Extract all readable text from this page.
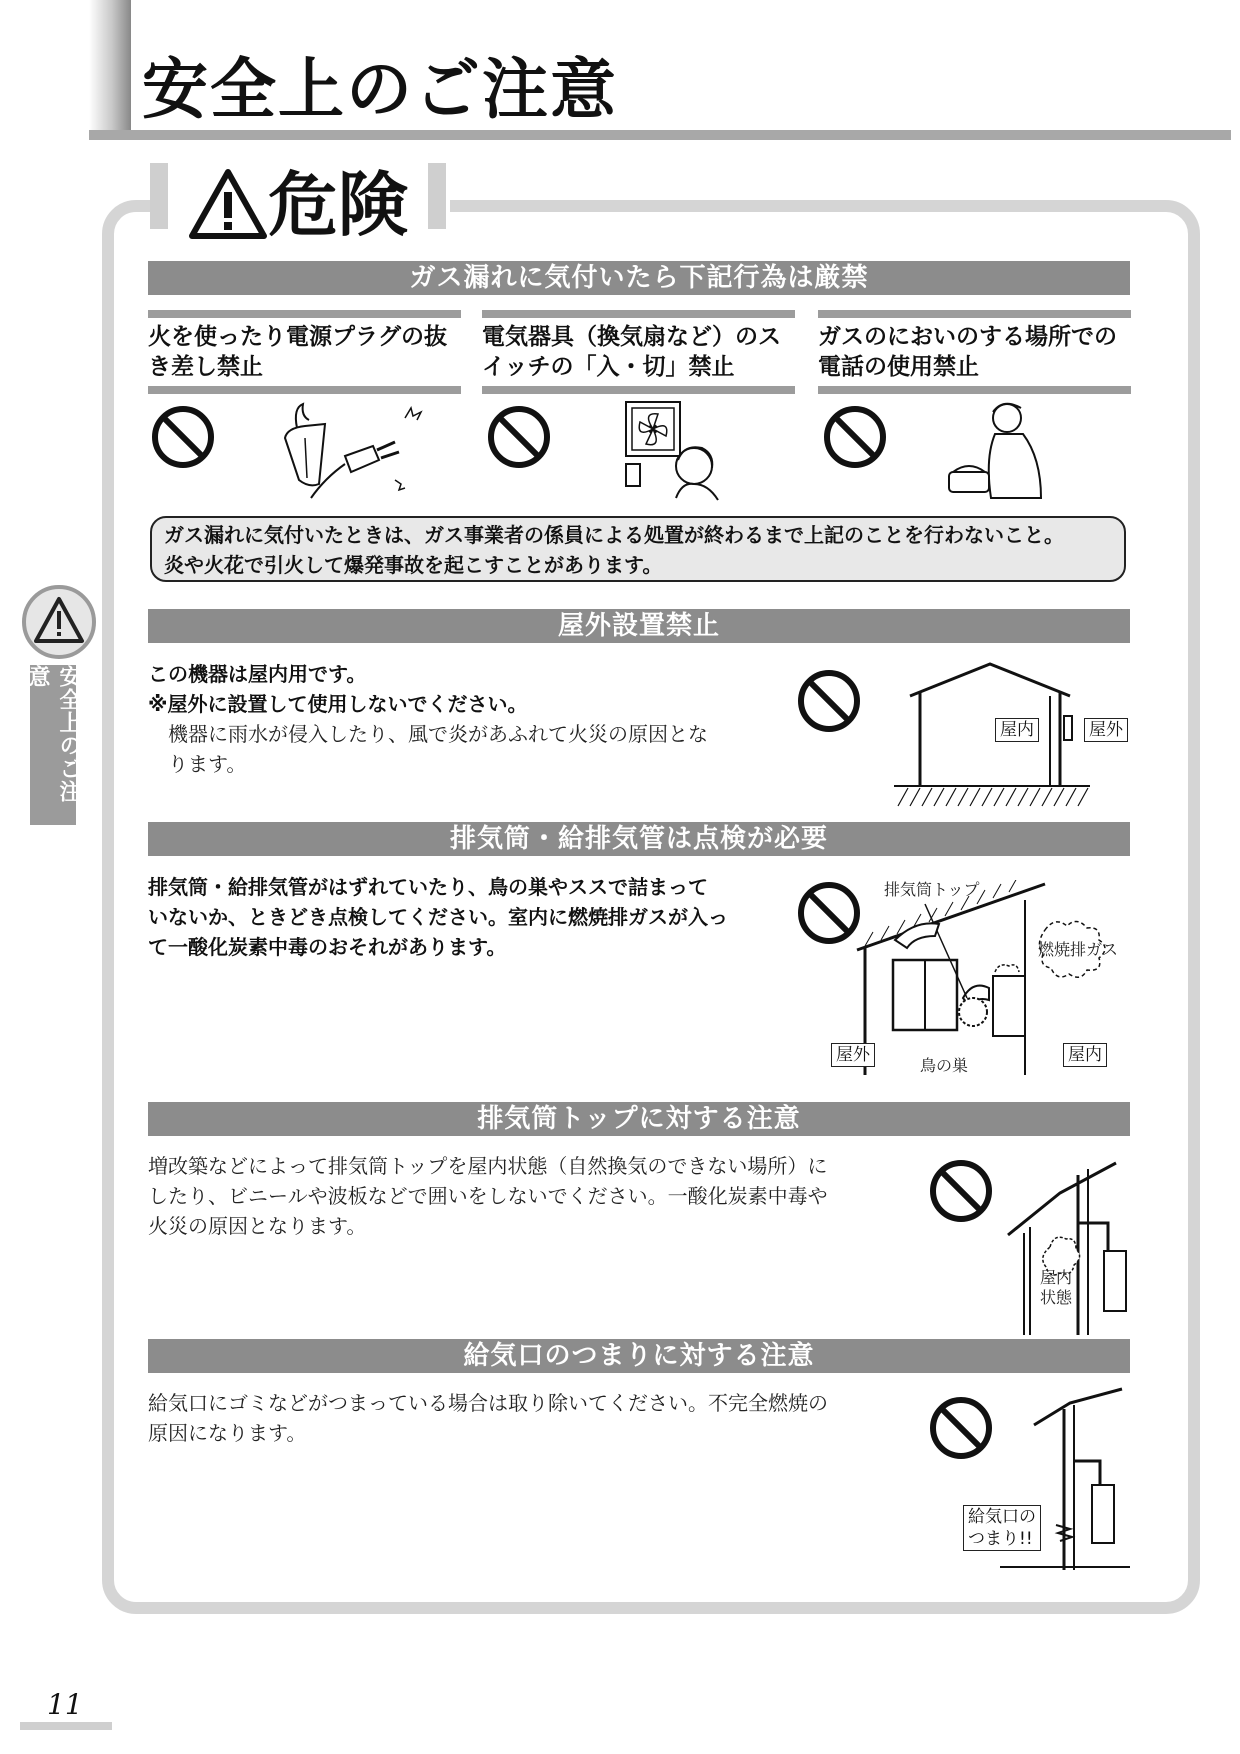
安全上のご注意
安全上のご注意
危険
ガス漏れに気付いたら下記行為は厳禁
火を使ったり電源プラグの抜き差し禁止
電気器具（換気扇など）のスイッチの「入・切」禁止
ガスのにおいのする場所での電話の使用禁止
ガス漏れに気付いたときは、ガス事業者の係員による処置が終わるまで上記のことを行わないこと。
炎や火花で引火して爆発事故を起こすことがあります。
屋外設置禁止
この機器は屋内用です。
※屋外に設置して使用しないでください。
機器に雨水が侵入したり、風で炎があふれて火災の原因とな
ります。
屋内	屋外
排気筒・給排気管は点検が必要
排気筒・給排気管がはずれていたり、鳥の巣やススで詰まって
いないか、ときどき点検してください。室内に燃焼排ガスが入っ
て一酸化炭素中毒のおそれがあります。
排気筒トップ
燃焼排ガス
屋外
鳥の巣
屋内
排気筒トップに対する注意
増改築などによって排気筒トップを屋内状態（自然換気のできない場所）に
したり、ビニールや波板などで囲いをしないでください。一酸化炭素中毒や
火災の原因となります。
屋内
状態
給気口のつまりに対する注意
給気口にゴミなどがつまっている場合は取り除いてください。不完全燃焼の
原因になります。
給気口の
つまり!!
11
